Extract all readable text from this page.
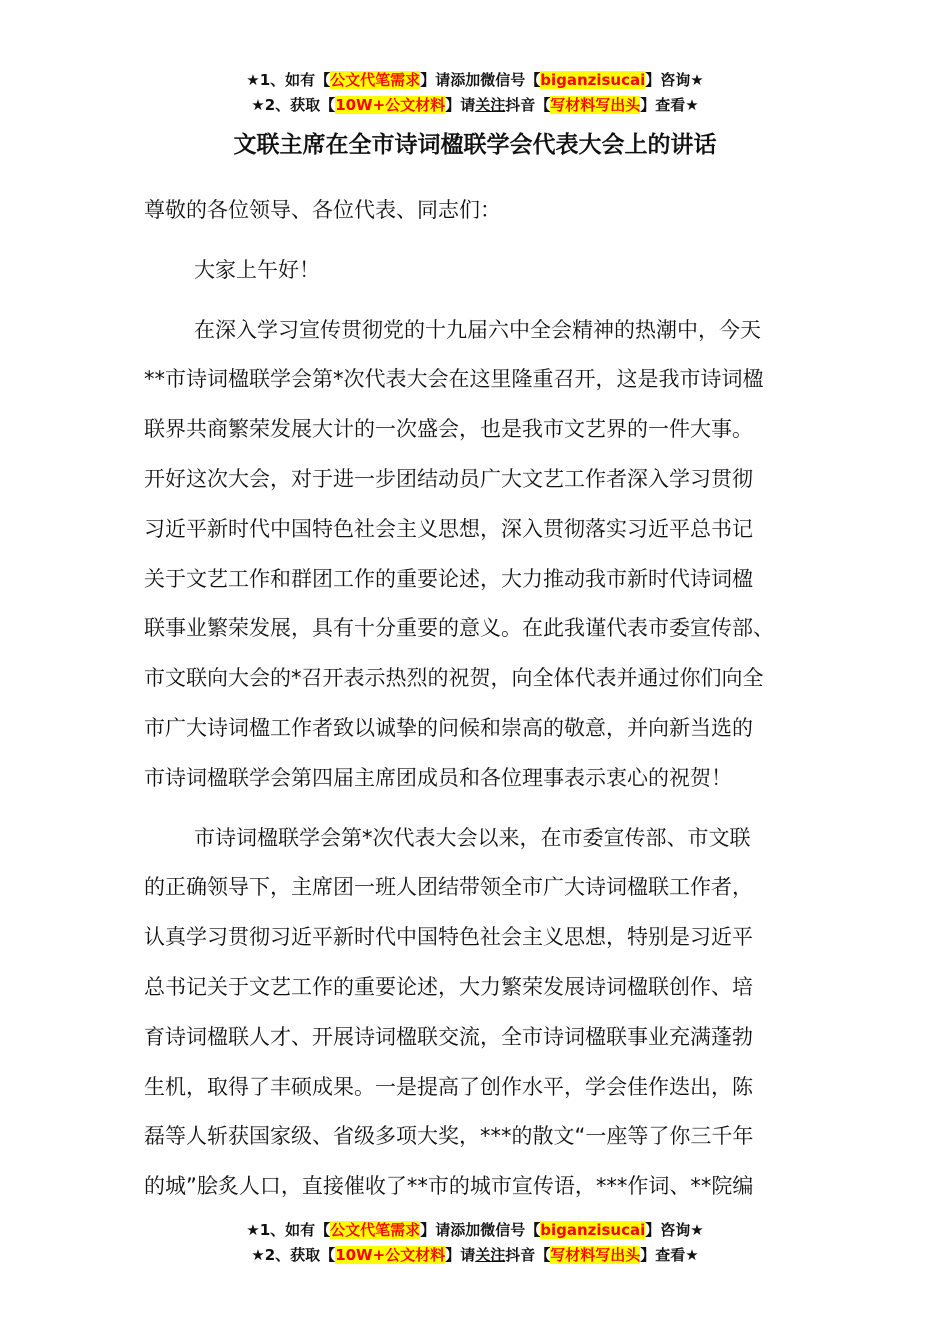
★1、如有【公文代笔需求】请添加微信号【biganzisucai】咨询★
★2、获取【10W+公文材料】请关注抖音【写材料写出头】查看★
文联主席在全市诗词楹联学会代表大会上的讲话

尊敬的各位领导、各位代表、同志们：

大家上午好！

在深入学习宣传贯彻党的十九届六中全会精神的热潮中，今天
**市诗词楹联学会第*次代表大会在这里隆重召开，这是我市诗词楹
联界共商繁荣发展大计的一次盛会，也是我市文艺界的一件大事。
开好这次大会，对于进一步团结动员广大文艺工作者深入学习贯彻
习近平新时代中国特色社会主义思想，深入贯彻落实习近平总书记
关于文艺工作和群团工作的重要论述，大力推动我市新时代诗词楹
联事业繁荣发展，具有十分重要的意义。在此我谨代表市委宣传部、
市文联向大会的*召开表示热烈的祝贺，向全体代表并通过你们向全
市广大诗词楹工作者致以诚挚的问候和崇高的敬意，并向新当选的
市诗词楹联学会第四届主席团成员和各位理事表示衷心的祝贺！

市诗词楹联学会第*次代表大会以来，在市委宣传部、市文联
的正确领导下，主席团一班人团结带领全市广大诗词楹联工作者，
认真学习贯彻习近平新时代中国特色社会主义思想，特别是习近平
总书记关于文艺工作的重要论述，大力繁荣发展诗词楹联创作、培
育诗词楹联人才、开展诗词楹联交流，全市诗词楹联事业充满蓬勃
生机，取得了丰硕成果。一是提高了创作水平，学会佳作迭出，陈
磊等人斩获国家级、省级多项大奖，***的散文“一座等了你三千年
的城”脍炙人口，直接催收了**市的城市宣传语，***作词、**院编

★1、如有【公文代笔需求】请添加微信号【biganzisucai】咨询★
★2、获取【10W+公文材料】请关注抖音【写材料写出头】查看★
